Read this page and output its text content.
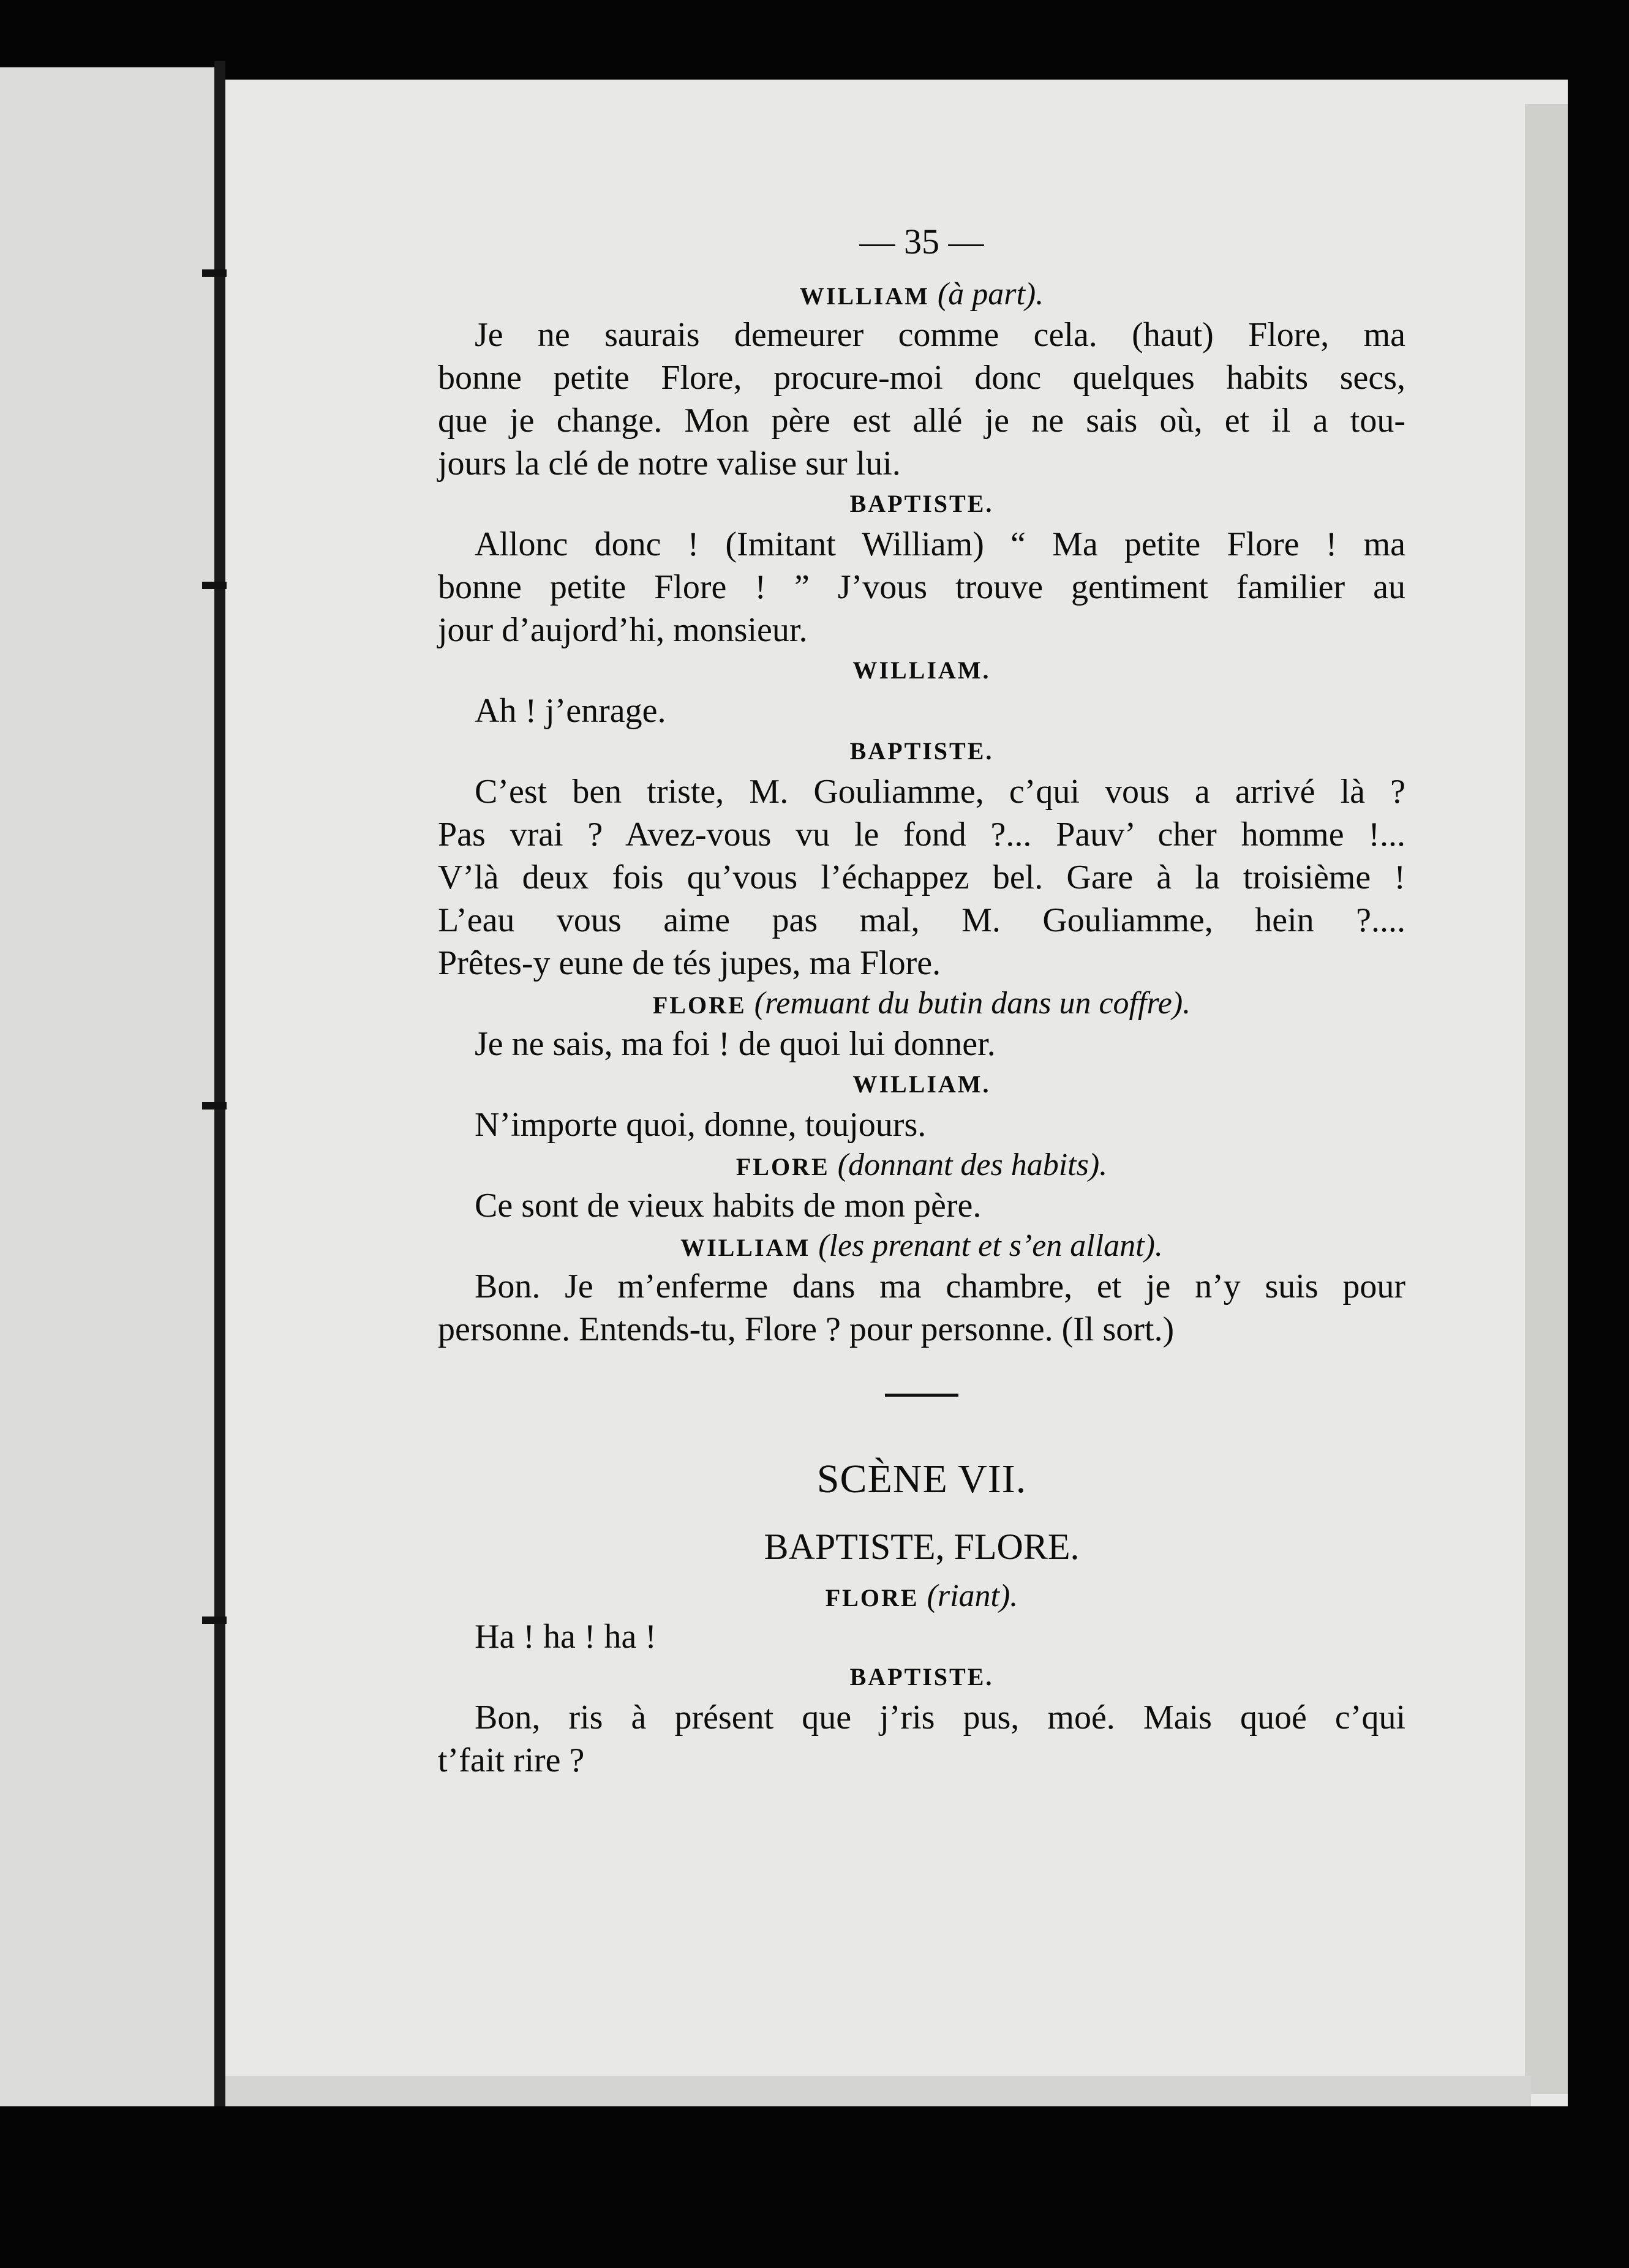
— 35 —
WILLIAM (à part).
Je ne saurais demeurer comme cela. (haut) Flore, ma
bonne petite Flore, procure-moi donc quelques habits secs,
que je change. Mon père est allé je ne sais où, et il a tou-
jours la clé de notre valise sur lui.
BAPTISTE.
Allonc donc ! (Imitant William) “ Ma petite Flore ! ma
bonne petite Flore ! ” J’vous trouve gentiment familier au
jour d’aujord’hi, monsieur.
WILLIAM.
Ah ! j’enrage.
BAPTISTE.
C’est ben triste, M. Gouliamme, c’qui vous a arrivé là ?
Pas vrai ? Avez-vous vu le fond ?... Pauv’ cher homme !...
V’là deux fois qu’vous l’échappez bel. Gare à la troisième !
L’eau vous aime pas mal, M. Gouliamme, hein ?....
Prêtes-y eune de tés jupes, ma Flore.
FLORE (remuant du butin dans un coffre).
Je ne sais, ma foi ! de quoi lui donner.
WILLIAM.
N’importe quoi, donne, toujours.
FLORE (donnant des habits).
Ce sont de vieux habits de mon père.
WILLIAM (les prenant et s’en allant).
Bon. Je m’enferme dans ma chambre, et je n’y suis pour
personne. Entends-tu, Flore ? pour personne. (Il sort.)
SCÈNE VII.
BAPTISTE, FLORE.
FLORE (riant).
Ha ! ha ! ha !
BAPTISTE.
Bon, ris à présent que j’ris pus, moé. Mais quoé c’qui
t’fait rire ?
